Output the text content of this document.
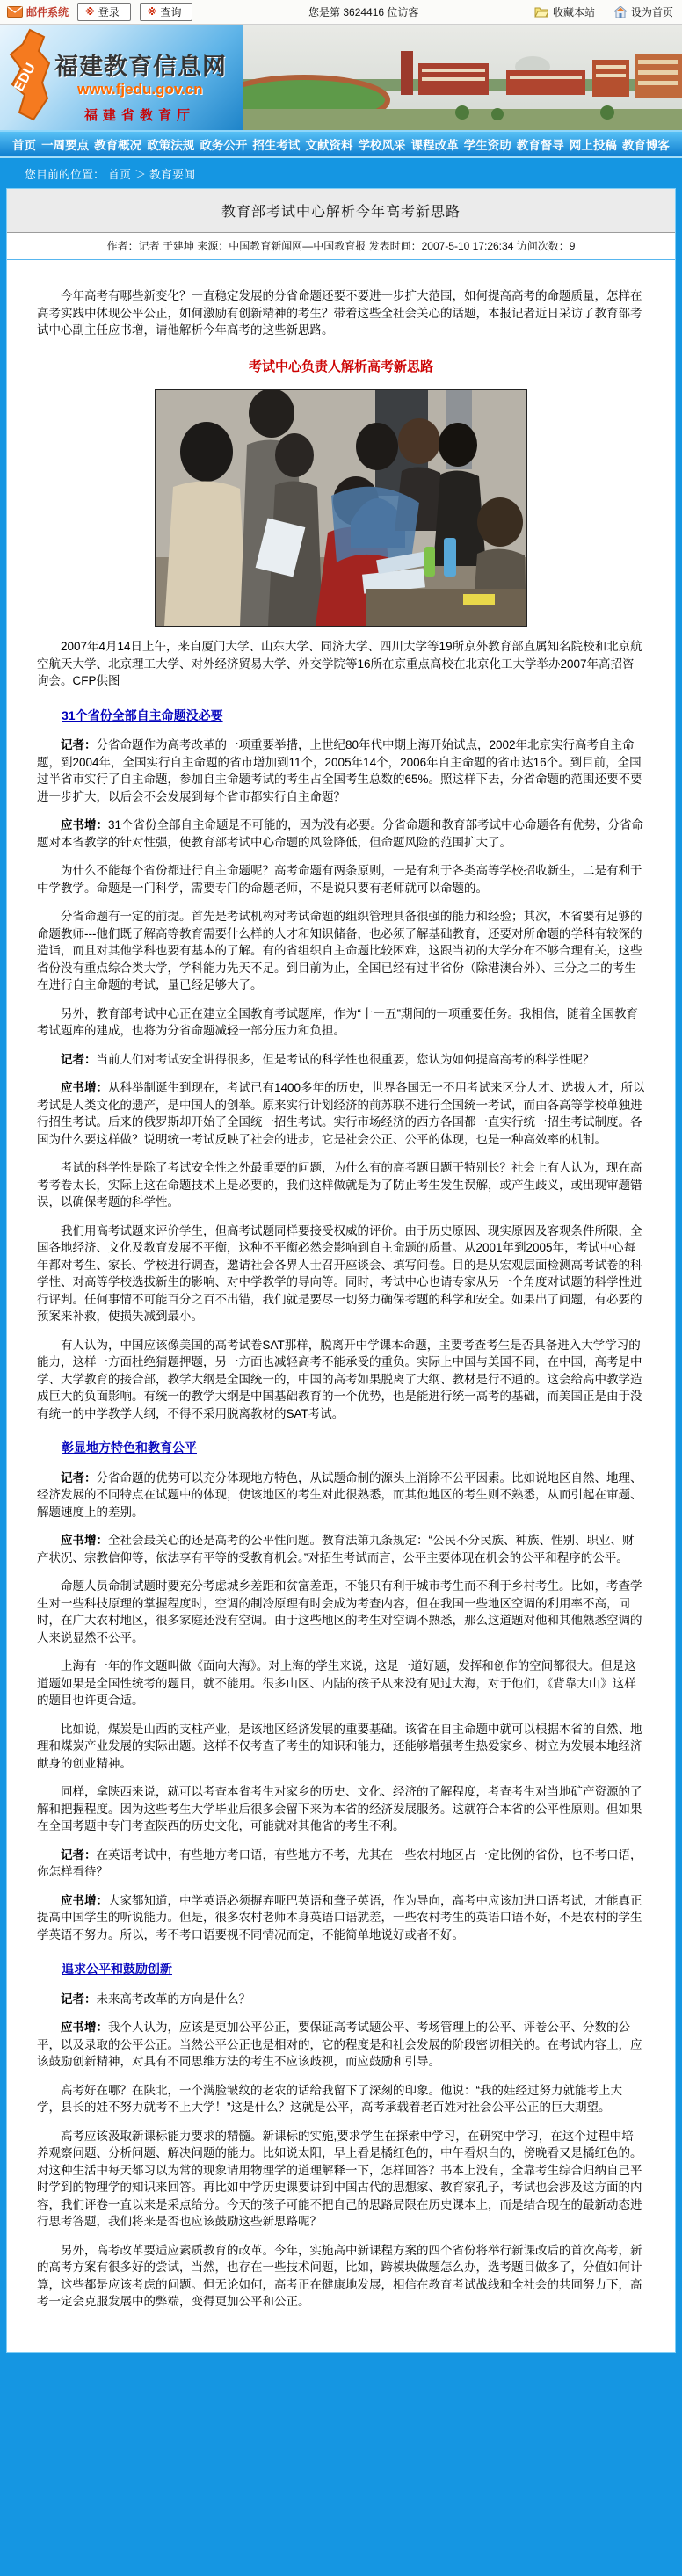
邮件系统 ※ 登录	※ 查询	您是第 3624416 位访客	收藏本站	设为首页
EDU 福建教育信息网
www.fjedu.gov.cn
福建省教育厅
首页 一周要点 教育概况 政策法规 政务公开 招生考试 文献资料 学校风采 课程改革 学生资助 教育督导 网上投稿 教育博客
您目前的位置： 首页 ＞ 教育要闻
教育部考试中心解析今年高考新思路
作者：记者 于建坤 来源：中国教育新闻网—中国教育报 发表时间：2007-5-10 17:26:34 访问次数：9

今年高考有哪些新变化？一直稳定发展的分省命题还要不要进一步扩大范围，如何提高高考的命题质量，怎样在高考实践中体现公平公正，如何激励有创新精神的考生？带着这些全社会关心的话题，本报记者近日采访了教育部考试中心副主任应书增，请他解析今年高考的这些新思路。

考试中心负责人解析高考新思路

2007年4月14日上午，来自厦门大学、山东大学、同济大学、四川大学等19所京外教育部直属知名院校和北京航空航天大学、北京理工大学、对外经济贸易大学、外交学院等16所在京重点高校在北京化工大学举办2007年高招咨询会。CFP供图

31个省份全部自主命题没必要

记者：分省命题作为高考改革的一项重要举措，上世纪80年代中期上海开始试点，2002年北京实行高考自主命题，到2004年，全国实行自主命题的省市增加到11个，2005年14个，2006年自主命题的省市达16个。到目前，全国过半省市实行了自主命题，参加自主命题考试的考生占全国考生总数的65%。照这样下去，分省命题的范围还要不要进一步扩大，以后会不会发展到每个省市都实行自主命题？

应书增：31个省份全部自主命题是不可能的，因为没有必要。分省命题和教育部考试中心命题各有优势，分省命题对本省教学的针对性强，使教育部考试中心命题的风险降低，但命题风险的范围扩大了。

为什么不能每个省份都进行自主命题呢？高考命题有两条原则，一是有利于各类高等学校招收新生，二是有利于中学教学。命题是一门科学，需要专门的命题老师，不是说只要有老师就可以命题的。

分省命题有一定的前提。首先是考试机构对考试命题的组织管理具备很强的能力和经验；其次，本省要有足够的命题教师---他们既了解高等教育需要什么样的人才和知识储备，也必须了解基础教育，还要对所命题的学科有较深的造诣，而且对其他学科也要有基本的了解。有的省组织自主命题比较困难，这跟当初的大学分布不够合理有关，这些省份没有重点综合类大学，学科能力先天不足。到目前为止，全国已经有过半省份（除港澳台外）、三分之二的考生在进行自主命题的考试，量已经足够大了。

另外，教育部考试中心正在建立全国教育考试题库，作为“十一五”期间的一项重要任务。我相信，随着全国教育考试题库的建成，也将为分省命题减轻一部分压力和负担。

记者：当前人们对考试安全讲得很多，但是考试的科学性也很重要，您认为如何提高高考的科学性呢？

应书增：从科举制诞生到现在，考试已有1400多年的历史，世界各国无一不用考试来区分人才、选拔人才，所以考试是人类文化的遗产，是中国人的创举。原来实行计划经济的前苏联不进行全国统一考试，而由各高等学校单独进行招生考试。后来的俄罗斯却开始了全国统一招生考试。实行市场经济的西方各国都一直实行统一招生考试制度。各国为什么要这样做？说明统一考试反映了社会的进步，它是社会公正、公平的体现，也是一种高效率的机制。

考试的科学性是除了考试安全性之外最重要的问题，为什么有的高考题目题干特别长？社会上有人认为，现在高考考卷太长，实际上这在命题技术上是必要的，我们这样做就是为了防止考生发生误解，或产生歧义，或出现审题错误，以确保考题的科学性。

我们用高考试题来评价学生，但高考试题同样要接受权威的评价。由于历史原因、现实原因及客观条件所限，全国各地经济、文化及教育发展不平衡，这种不平衡必然会影响到自主命题的质量。从2001年到2005年，考试中心每年都对考生、家长、学校进行调查，邀请社会各界人士召开座谈会、填写问卷。目的是从宏观层面检测高考试卷的科学性、对高等学校选拔新生的影响、对中学教学的导向等。同时，考试中心也请专家从另一个角度对试题的科学性进行评判。任何事情不可能百分之百不出错，我们就是要尽一切努力确保考题的科学和安全。如果出了问题，有必要的预案来补救，使损失减到最小。

有人认为，中国应该像美国的高考试卷SAT那样，脱离开中学课本命题，主要考查考生是否具备进入大学学习的能力，这样一方面杜绝猜题押题，另一方面也减轻高考不能承受的重负。实际上中国与美国不同，在中国，高考是中学、大学教育的接合部，教学大纲是全国统一的，中国的高考如果脱离了大纲、教材是行不通的。这会给高中教学造成巨大的负面影响。有统一的教学大纲是中国基础教育的一个优势，也是能进行统一高考的基础，而美国正是由于没有统一的中学教学大纲，不得不采用脱离教材的SAT考试。

彰显地方特色和教育公平

记者：分省命题的优势可以充分体现地方特色，从试题命制的源头上消除不公平因素。比如说地区自然、地理、经济发展的不同特点在试题中的体现，使该地区的考生对此很熟悉，而其他地区的考生则不熟悉，从而引起在审题、解题速度上的差别。

应书增：全社会最关心的还是高考的公平性问题。教育法第九条规定：“公民不分民族、种族、性别、职业、财产状况、宗教信仰等，依法享有平等的受教育机会。”对招生考试而言，公平主要体现在机会的公平和程序的公平。

命题人员命制试题时要充分考虑城乡差距和贫富差距，不能只有利于城市考生而不利于乡村考生。比如，考查学生对一些科技原理的掌握程度时，空调的制冷原理有时会成为考查内容，但在我国一些地区空调的利用率不高，同时，在广大农村地区，很多家庭还没有空调。由于这些地区的考生对空调不熟悉，那么这道题对他和其他熟悉空调的人来说显然不公平。

上海有一年的作文题叫做《面向大海》。对上海的学生来说，这是一道好题，发挥和创作的空间都很大。但是这道题如果是全国性统考的题目，就不能用。很多山区、内陆的孩子从来没有见过大海，对于他们，《背靠大山》这样的题目也许更合适。

比如说，煤炭是山西的支柱产业，是该地区经济发展的重要基础。该省在自主命题中就可以根据本省的自然、地理和煤炭产业发展的实际出题。这样不仅考查了考生的知识和能力，还能够增强考生热爱家乡、树立为发展本地经济献身的创业精神。

同样，拿陕西来说，就可以考查本省考生对家乡的历史、文化、经济的了解程度，考查考生对当地矿产资源的了解和把握程度。因为这些考生大学毕业后很多会留下来为本省的经济发展服务。这就符合本省的公平性原则。但如果在全国考题中专门考查陕西的历史文化，可能就对其他省的考生不利。

记者：在英语考试中，有些地方考口语，有些地方不考，尤其在一些农村地区占一定比例的省份，也不考口语，你怎样看待？

应书增：大家都知道，中学英语必须摒弃哑巴英语和聋子英语，作为导向，高考中应该加进口语考试，才能真正提高中国学生的听说能力。但是，很多农村老师本身英语口语就差，一些农村考生的英语口语不好，不是农村的学生学英语不努力。所以，考不考口语要视不同情况而定，不能简单地说好或者不好。

追求公平和鼓励创新

记者：未来高考改革的方向是什么？

应书增：我个人认为，应该是更加公平公正，要保证高考试题公平、考场管理上的公平、评卷公平、分数的公平，以及录取的公平公正。当然公平公正也是相对的，它的程度是和社会发展的阶段密切相关的。在考试内容上，应该鼓励创新精神，对具有不同思维方法的考生不应该歧视，而应鼓励和引导。

高考好在哪？在陕北，一个满脸皱纹的老农的话给我留下了深刻的印象。他说：“我的娃经过努力就能考上大学，县长的娃不努力就考不上大学！”这是什么？这就是公平，高考承载着老百姓对社会公平公正的巨大期望。

高考应该汲取新课标能力要求的精髓。新课标的实施,要求学生在探索中学习，在研究中学习，在这个过程中培养观察问题、分析问题、解决问题的能力。比如说太阳，早上看是橘红色的，中午看炽白的，傍晚看又是橘红色的。对这种生活中每天都习以为常的现象请用物理学的道理解释一下，怎样回答？书本上没有，全靠考生综合归纳自己平时学到的物理学的知识来回答。再比如中学历史课要讲到中国古代的思想家、教育家孔子，考试也会涉及这方面的内容，我们评卷一直以来是采点给分。今天的孩子可能不把自己的思路局限在历史课本上，而是结合现在的最新动态进行思考答题，我们将来是否也应该鼓励这些新思路呢？

另外，高考改革要适应素质教育的改革。今年，实施高中新课程方案的四个省份将举行新课改后的首次高考，新的高考方案有很多好的尝试，当然，也存在一些技术问题，比如，跨模块做题怎么办，选考题目做多了，分值如何计算，这些都是应该考虑的问题。但无论如何，高考正在健康地发展，相信在教育考试战线和全社会的共同努力下，高考一定会克服发展中的弊端，变得更加公平和公正。
